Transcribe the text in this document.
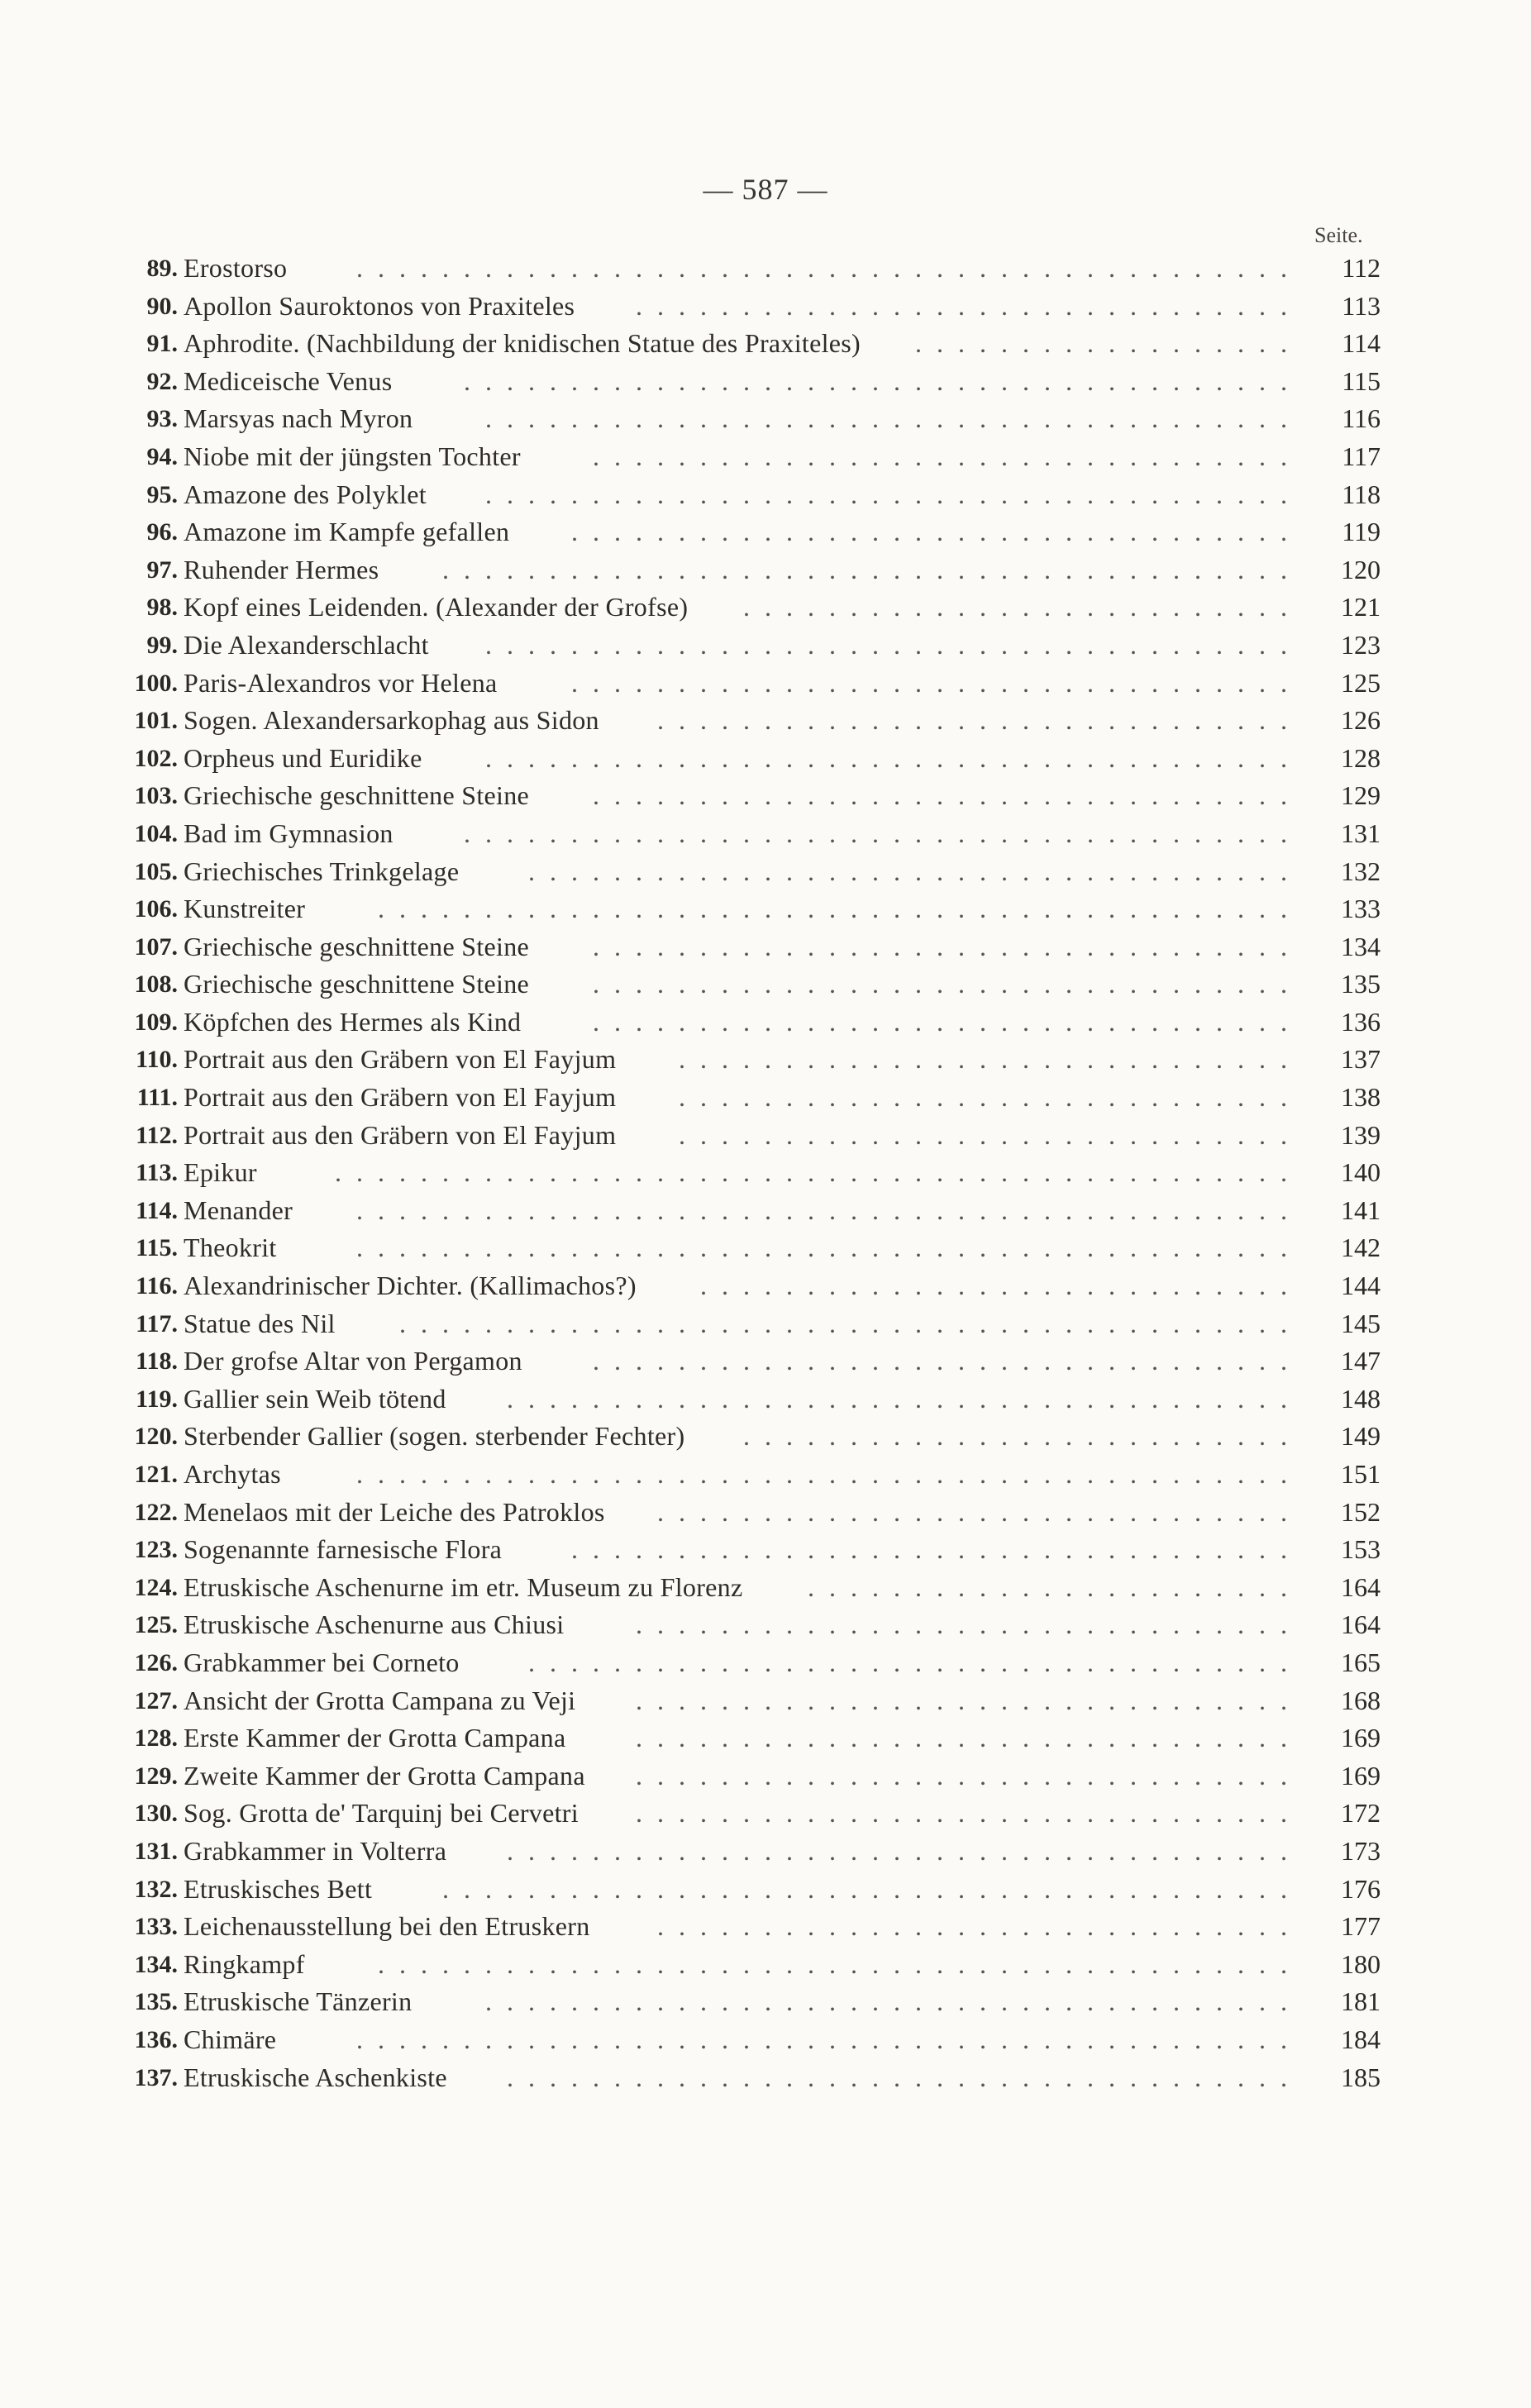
— 587 —
Seite.
89. Erostorso	............................................	112
90. Apollon Sauroktonos von Praxiteles ...............................	113
91. Aphrodite. (Nachbildung der knidischen Statue des Praxiteles) ..................	114
92. Mediceische Venus	.......................................	115
93. Marsyas nach Myron	......................................	116
94. Niobe mit der jüngsten Tochter	.................................	117
95. Amazone des Polyklet ......................................	118
96. Amazone im Kampfe gefallen ..................................	119
97. Ruhender Hermes ........................................	120
98. Kopf eines Leidenden. (Alexander der Grofse) ..........................	121
99. Die Alexanderschlacht ......................................	123
100. Paris-Alexandros vor Helena	..................................	125
101. Sogen. Alexandersarkophag aus Sidon ..............................	126
102. Orpheus und Euridike ......................................	128
103. Griechische geschnittene Steine .................................	129
104. Bad im Gymnasion	.......................................	131
105. Griechisches Trinkgelage	....................................	132
106. Kunstreiter	...........................................	133
107. Griechische geschnittene Steine .................................	134
108. Griechische geschnittene Steine .................................	135
109. Köpfchen des Hermes als Kind	.................................	136
110. Portrait aus den Gräbern von El Fayjum .............................	137
111. Portrait aus den Gräbern von El Fayjum .............................	138
112. Portrait aus den Gräbern von El Fayjum .............................	139
113. Epikur	.............................................	140
114. Menander ............................................	141
115. Theokrit	............................................	142
116. Alexandrinischer Dichter. (Kallimachos?) ............................	144
117. Statue des Nil ..........................................	145
118. Der grofse Altar von Pergamon	.................................	147
119. Gallier sein Weib tötend .....................................	148
120. Sterbender Gallier (sogen. sterbender Fechter) ..........................	149
121. Archytas	............................................	151
122. Menelaos mit der Leiche des Patroklos ..............................	152
123. Sogenannte farnesische Flora	..................................	153
124. Etruskische Aschenurne im etr. Museum zu Florenz .......................	164
125. Etruskische Aschenurne aus Chiusi	...............................	164
126. Grabkammer bei Corneto	....................................	165
127. Ansicht der Grotta Campana zu Veji ...............................	168
128. Erste Kammer der Grotta Campana	...............................	169
129. Zweite Kammer der Grotta Campana ...............................	169
130. Sog. Grotta de' Tarquinj bei Cervetri ...............................	172
131. Grabkammer in Volterra .....................................	173
132. Etruskisches Bett	........................................	176
133. Leichenausstellung bei den Etruskern	..............................	177
134. Ringkampf	...........................................	180
135. Etruskische Tänzerin	......................................	181
136. Chimäre	............................................	184
137. Etruskische Aschenkiste .....................................	185
